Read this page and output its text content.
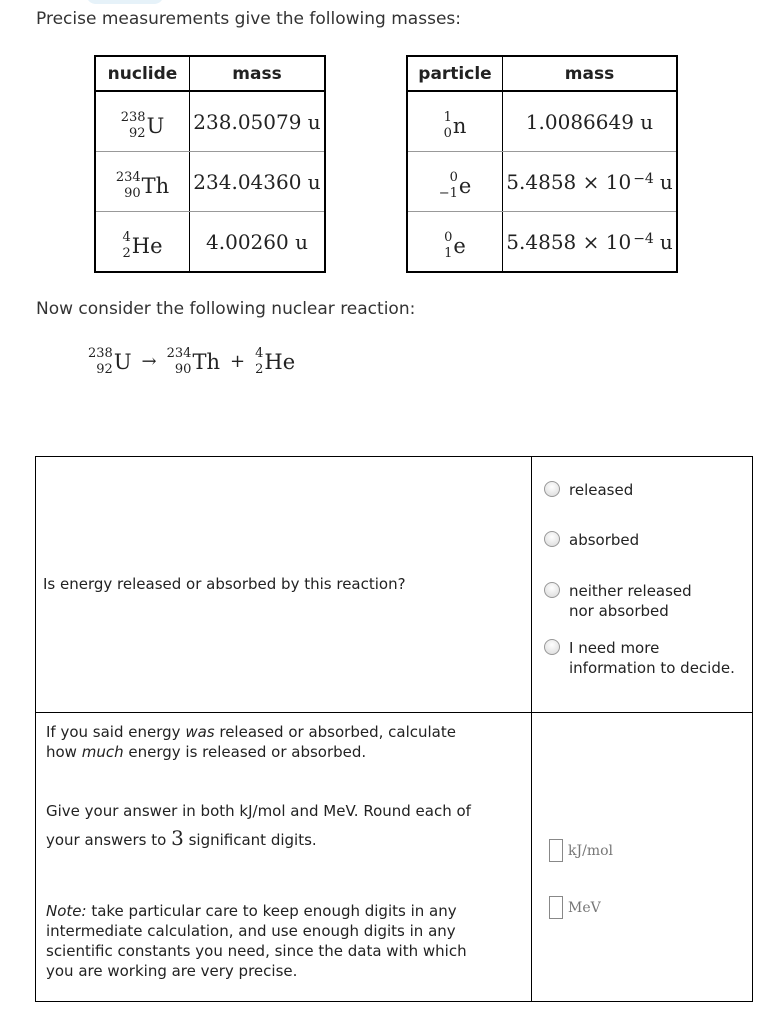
Precise measurements give the following masses:
nuclide	mass

238
92 U	238.05079 u

234
90 Th	234.04360 u

4
2 He	4.00260 u
particle	mass

1
0 n	1.0086649 u

0
−1 e	$5.4858 \times 10^{-4}$ u

0
1 e	$5.4858 \times 10^{-4}$ u
Now consider the following nuclear reaction:
238
92 U → 234
90 Th + 4
2 He
Is energy released or absorbed by this reaction?
released
absorbed
neither released
nor absorbed
I need more
information to decide.
If you said energy was released or absorbed, calculate
how much energy is released or absorbed.
Give your answer in both kJ/mol and MeV. Round each of
your answers to 3 significant digits.
Note: take particular care to keep enough digits in any
intermediate calculation, and use enough digits in any
scientific constants you need, since the data with which
you are working are very precise.
kJ/mol
MeV
